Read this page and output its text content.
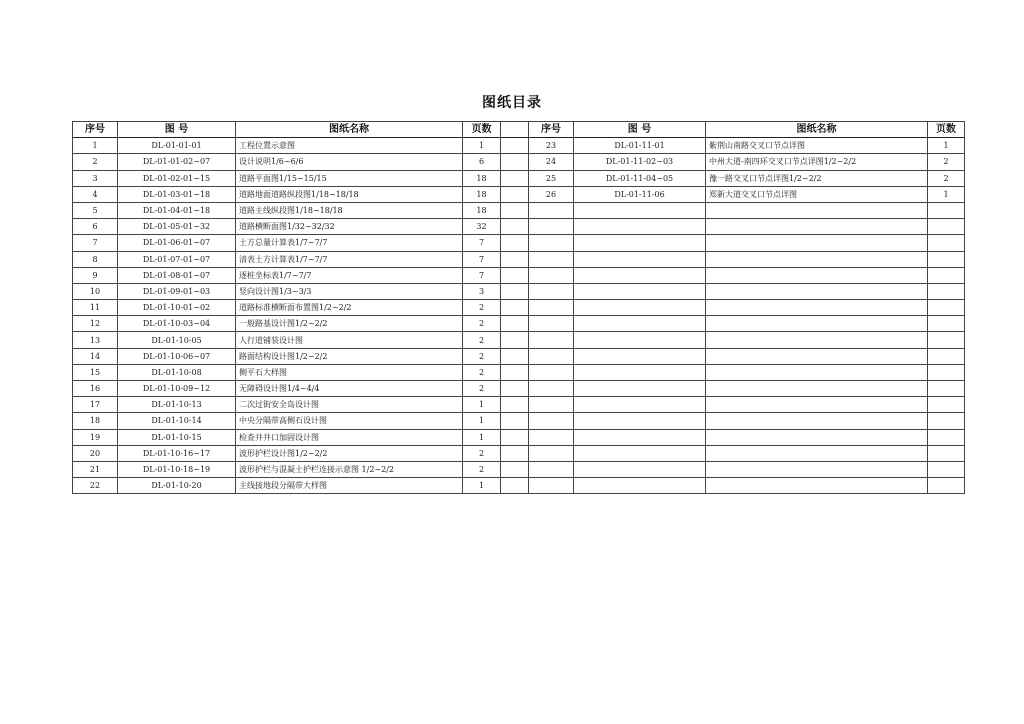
图纸目录
序号	图 号	图纸名称	页数		序号	图 号	图纸名称	页数
1	DL-01-01-01	工程位置示意图	1		23	DL-01-11-01	紫荆山南路交叉口节点详图	1
2	DL-01-01-02~07	设计说明1/6~6/6	6		24	DL-01-11-02~03	中州大道-南四环交叉口节点详图1/2~2/2	2
3	DL-01-02-01~15	道路平面图1/15~15/15	18		25	DL-01-11-04~05	豫一路交叉口节点详图1/2~2/2	2
4	DL-01-03-01~18	道路地面道路纵段图1/18~18/18	18		26	DL-01-11-06	郑新大道交叉口节点详图	1
5	DL-01-04-01~18	道路主线纵段图1/18~18/18	18					
6	DL-01-05-01~32	道路横断面图1/32~32/32	32					
7	DL-01-06-01~07	土方总量计算表1/7~7/7	7					
8	DL-01-07-01~07	清表土方计算表1/7~7/7	7					
9	DL-01-08-01~07	逐桩坐标表1/7~7/7	7					
10	DL-01-09-01~03	竖向设计图1/3~3/3	3					
11	DL-01-10-01~02	道路标准横断面布置图1/2~2/2	2					
12	DL-01-10-03~04	一般路基设计图1/2~2/2	2					
13	DL-01-10-05	人行道铺装设计图	2					
14	DL-01-10-06~07	路面结构设计图1/2~2/2	2					
15	DL-01-10-08	侧平石大样图	2					
16	DL-01-10-09~12	无障碍设计图1/4~4/4	2					
17	DL-01-10-13	二次过街安全岛设计图	1					
18	DL-01-10-14	中央分隔带高侧石设计图	1					
19	DL-01-10-15	检查井井口加固设计图	1					
20	DL-01-10-16~17	波形护栏设计图1/2~2/2	2					
21	DL-01-10-18~19	波形护栏与混凝土护栏连接示意图 1/2~2/2	2					
22	DL-01-10-20	主线接地段分隔带大样图	1					
